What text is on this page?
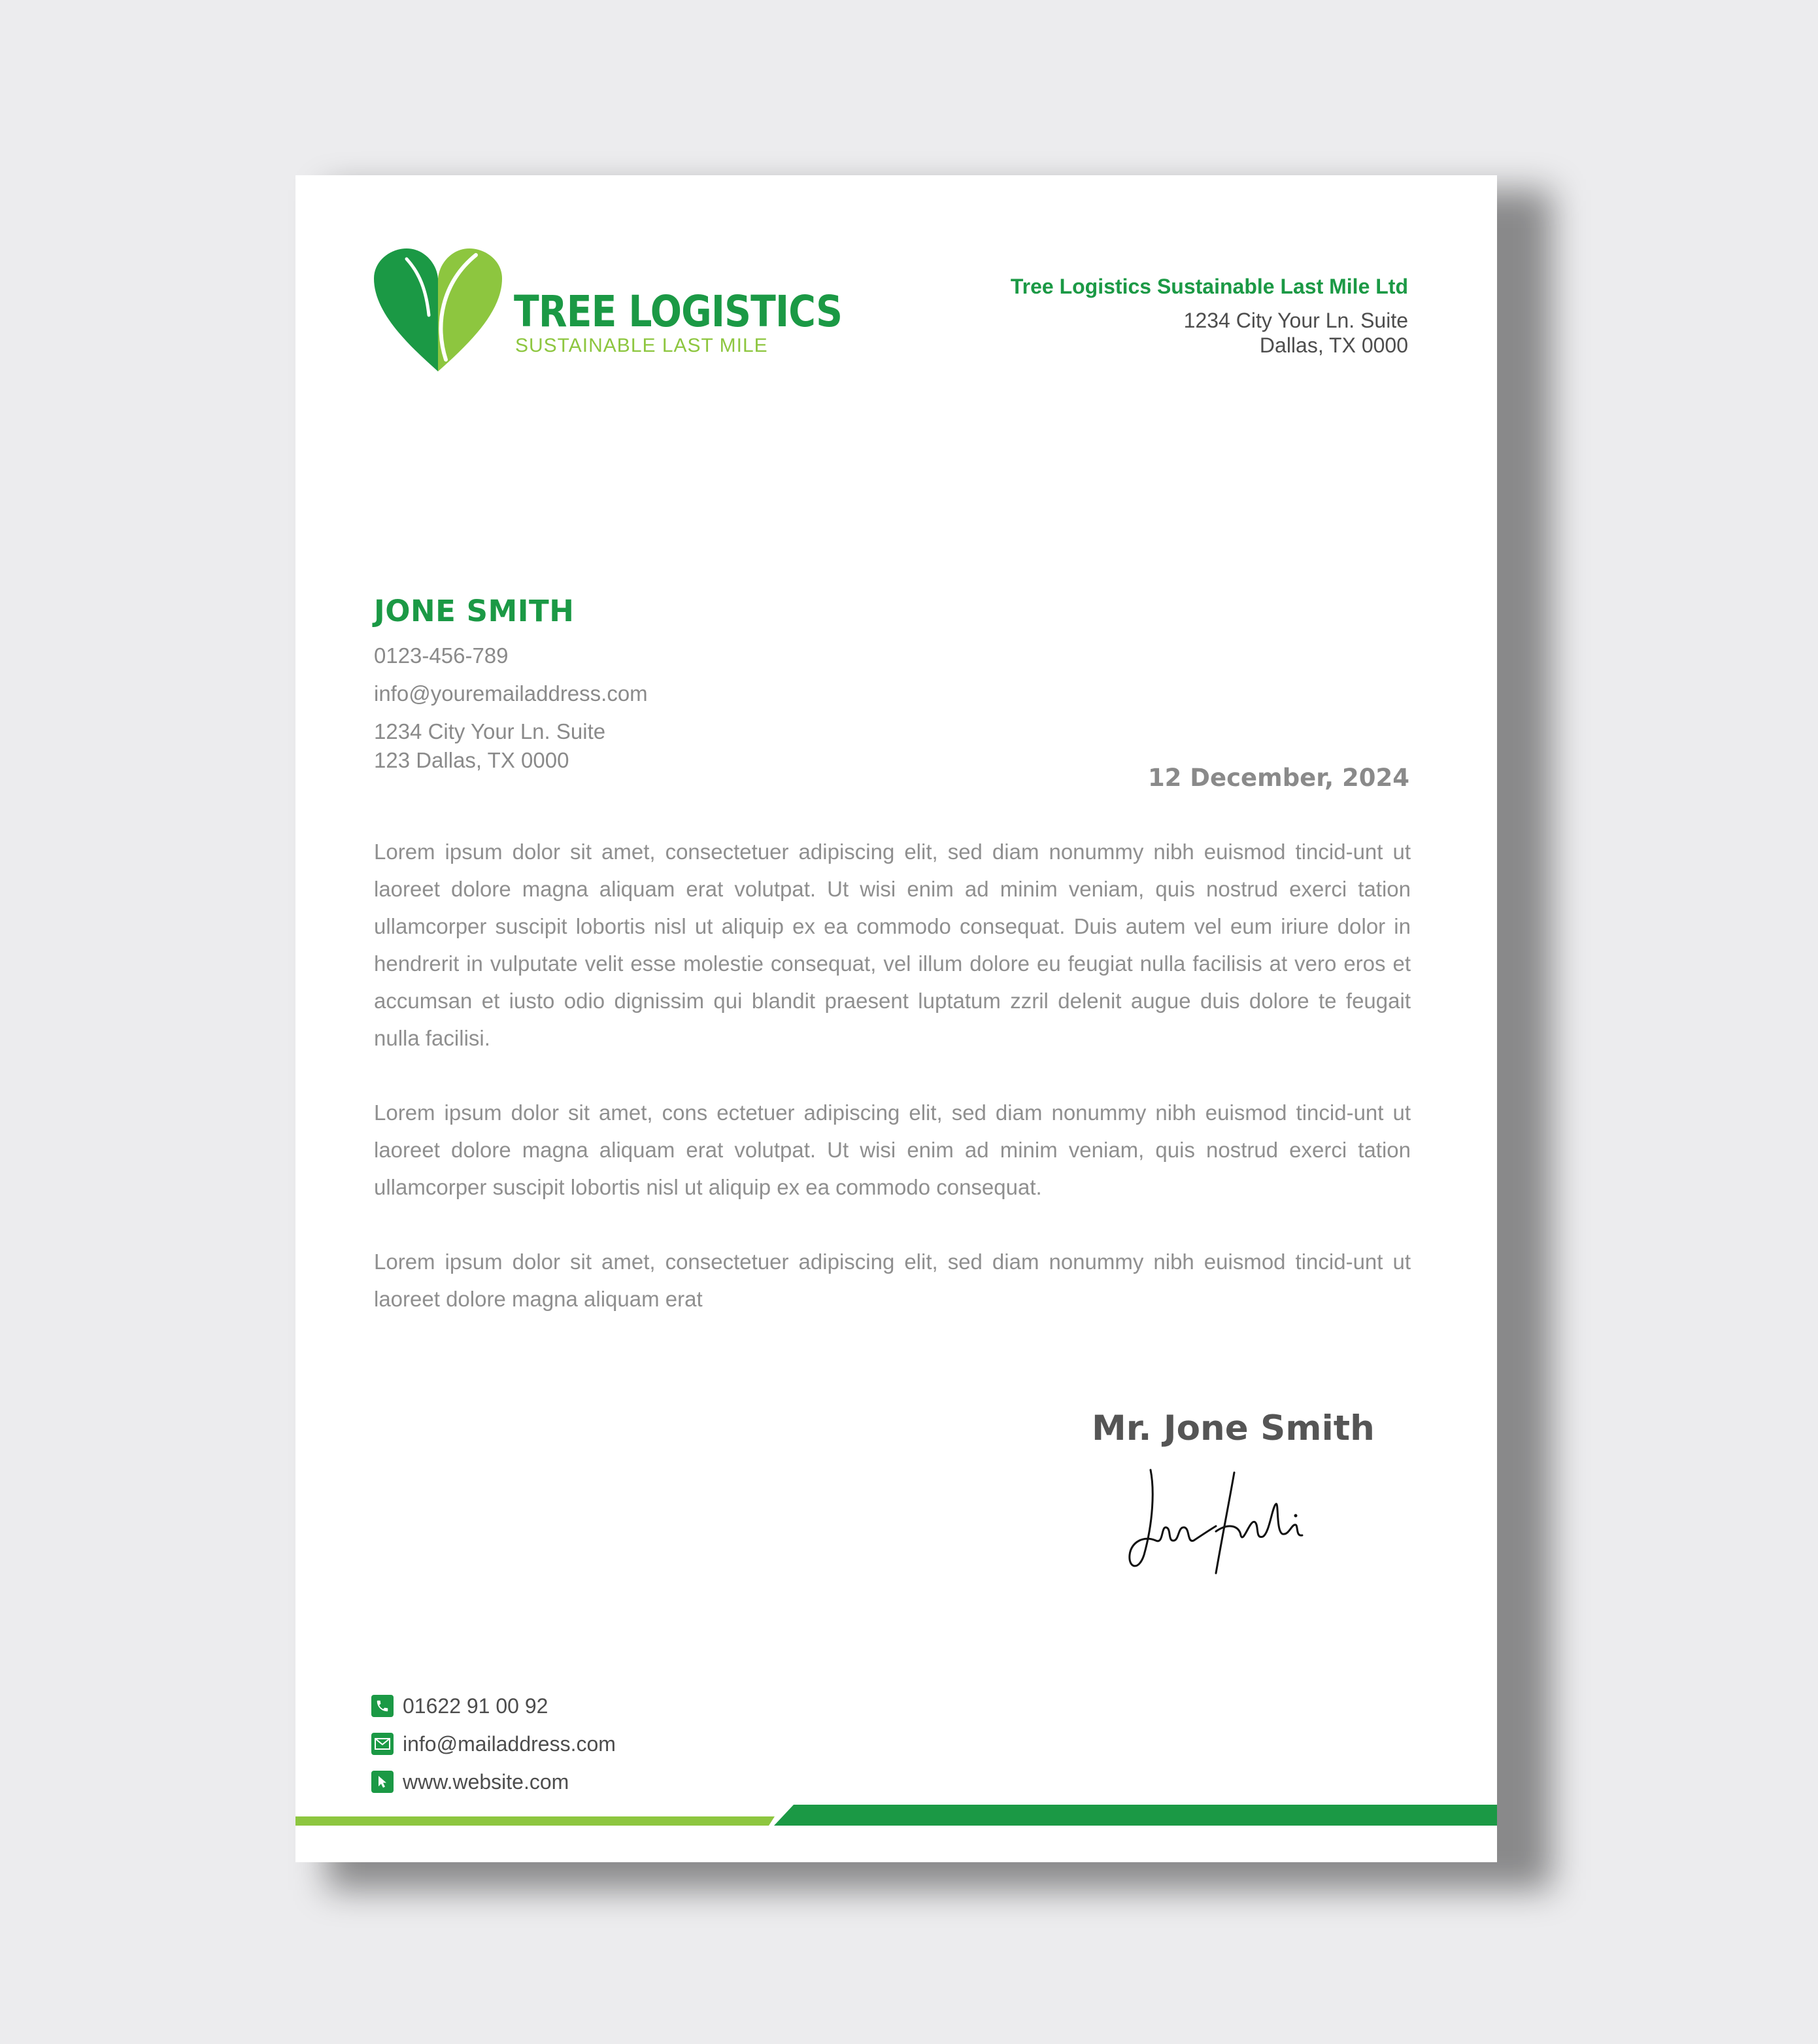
TREE LOGISTICS
SUSTAINABLE LAST MILE
Tree Logistics Sustainable Last Mile Ltd
1234 City Your Ln. Suite
Dallas, TX 0000
JONE SMITH
0123-456-789
info@youremailaddress.com
1234 City Your Ln. Suite
123 Dallas, TX 0000
12 December, 2024

Lorem ipsum dolor sit amet, consectetuer adipiscing elit, sed diam nonummy nibh euismod tincid-unt ut laoreet dolore magna aliquam erat volutpat. Ut wisi enim ad minim veniam, quis nostrud exerci tation ullamcorper suscipit lobortis nisl ut aliquip ex ea commodo consequat. Duis autem vel eum iriure dolor in hendrerit in vulputate velit esse molestie consequat, vel illum dolore eu feugiat nulla facilisis at vero eros et accumsan et iusto odio dignissim qui blandit praesent luptatum zzril delenit augue duis dolore te feugait nulla facilisi.

Lorem ipsum dolor sit amet, cons ectetuer adipiscing elit, sed diam nonummy nibh euismod tincid-unt ut laoreet dolore magna aliquam erat volutpat. Ut wisi enim ad minim veniam, quis nostrud exerci tation ullamcorper suscipit lobortis nisl ut aliquip ex ea commodo consequat.

Lorem ipsum dolor sit amet, consectetuer adipiscing elit, sed diam nonummy nibh euismod tincid-unt ut laoreet dolore magna aliquam erat

Mr. Jone Smith
01622 91 00 92
info@mailaddress.com
www.website.com
